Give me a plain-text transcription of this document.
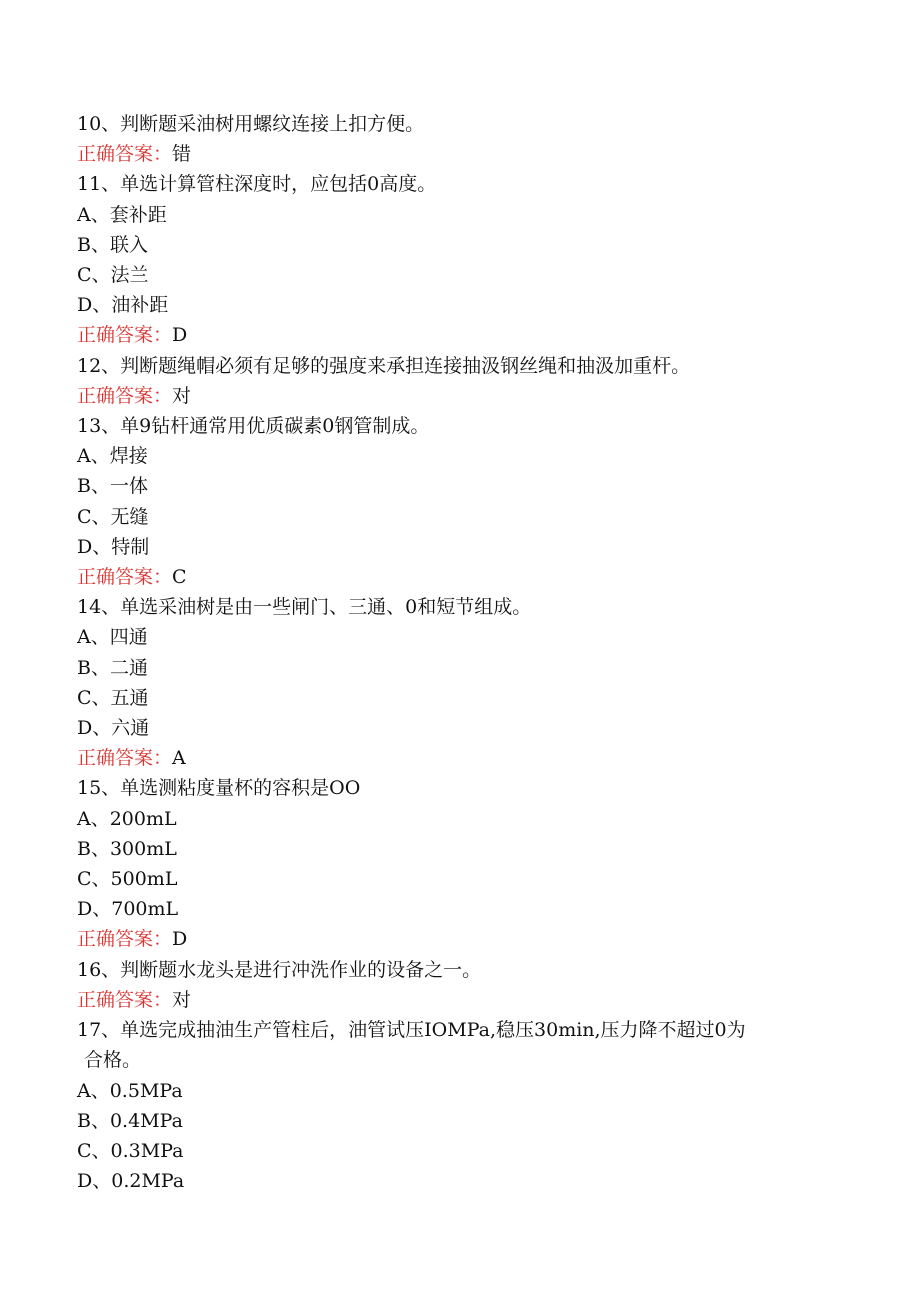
10、判断题采油树用螺纹连接上扣方便。
正确答案：错
11、单选计算管柱深度时，应包括0高度。
A、套补距
B、联入
C、法兰
D、油补距
正确答案：D
12、判断题绳帽必须有足够的强度来承担连接抽汲钢丝绳和抽汲加重杆。
正确答案：对
13、单9钻杆通常用优质碳素0钢管制成。
A、焊接
B、一体
C、无缝
D、特制
正确答案：C
14、单选采油树是由一些闸门、三通、0和短节组成。
A、四通
B、二通
C、五通
D、六通
正确答案：A
15、单选测粘度量杯的容积是OO
A、200mL
B、300mL
C、500mL
D、700mL
正确答案：D
16、判断题水龙头是进行冲洗作业的设备之一。
正确答案：对
17、单选完成抽油生产管柱后，油管试压IOMPa,稳压30min,压力降不超过0为
合格。
A、0.5MPa
B、0.4MPa
C、0.3MPa
D、0.2MPa
